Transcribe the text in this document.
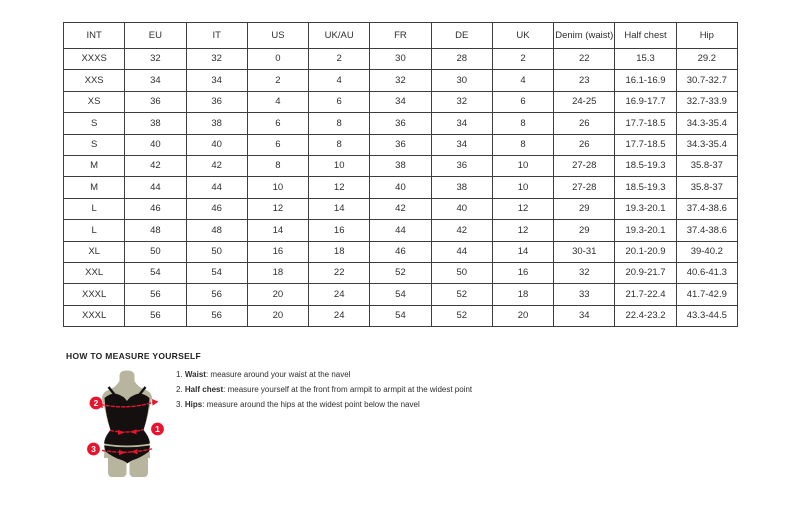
INT	EU	IT	US	UK/AU	FR	DE	UK	Denim (waist)	Half chest	Hip
XXXS	32	32	0	2	30	28	2	22	15.3	29.2
XXS	34	34	2	4	32	30	4	23	16.1-16.9	30.7-32.7
XS	36	36	4	6	34	32	6	24-25	16.9-17.7	32.7-33.9
S	38	38	6	8	36	34	8	26	17.7-18.5	34.3-35.4
S	40	40	6	8	36	34	8	26	17.7-18.5	34.3-35.4
M	42	42	8	10	38	36	10	27-28	18.5-19.3	35.8-37
M	44	44	10	12	40	38	10	27-28	18.5-19.3	35.8-37
L	46	46	12	14	42	40	12	29	19.3-20.1	37.4-38.6
L	48	48	14	16	44	42	12	29	19.3-20.1	37.4-38.6
XL	50	50	16	18	46	44	14	30-31	20.1-20.9	39-40.2
XXL	54	54	18	22	52	50	16	32	20.9-21.7	40.6-41.3
XXXL	56	56	20	24	54	52	18	33	21.7-22.4	41.7-42.9
XXXL	56	56	20	24	54	52	20	34	22.4-23.2	43.3-44.5
HOW TO MEASURE YOURSELF
1. Waist: measure around your waist at the navel
2. Half chest: measure yourself at the front from armpit to armpit at the widest point
3. Hips: measure around the hips at the widest point below the navel
2
1
3
